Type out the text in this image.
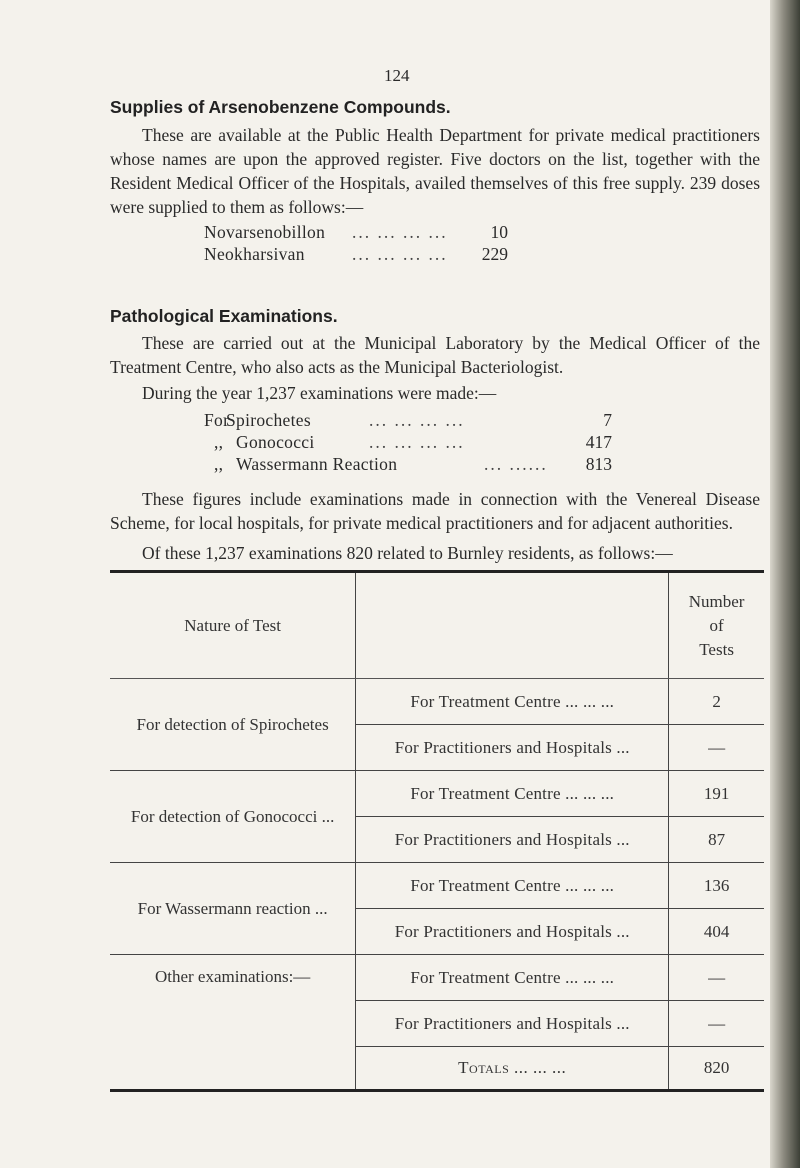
124
Supplies of Arsenobenzene Compounds.

These are available at the Public Health Department for private medical practitioners whose names are upon the approved register. Five doctors on the list, together with the Resident Medical Officer of the Hospitals, availed themselves of this free supply. 239 doses were supplied to them as follows:—

Novarsenobillon ... ... ... ... 10
Neokharsivan	... ... ... ... 229
Pathological Examinations.

These are carried out at the Municipal Laboratory by the Medical Officer of the Treatment Centre, who also acts as the Municipal Bacteriologist.

During the year 1,237 examinations were made:—

ForSpirochetes	... ... ... ...	7
,, Gonococci	... ... ... ...	417
,, Wassermann Reaction	... ...... 813

These figures include examinations made in connection with the Venereal Disease Scheme, for local hospitals, for private medical practitioners and for adjacent authorities.

Of these 1,237 examinations 820 related to Burnley residents, as follows:—

Nature of Test		Number
of
Tests

For detection of Spirochetes	For Treatment Centre ... ... ...	2
	For Practitioners and Hospitals ...	—
For detection of Gonococci ...	For Treatment Centre ... ... ...	191
	For Practitioners and Hospitals ...	87
For Wassermann reaction ...	For Treatment Centre ... ... ...	136
	For Practitioners and Hospitals ...	404
Other examinations:—	For Treatment Centre ... ... ...	—
	For Practitioners and Hospitals ...	—
	Totals ... ... ...	820
